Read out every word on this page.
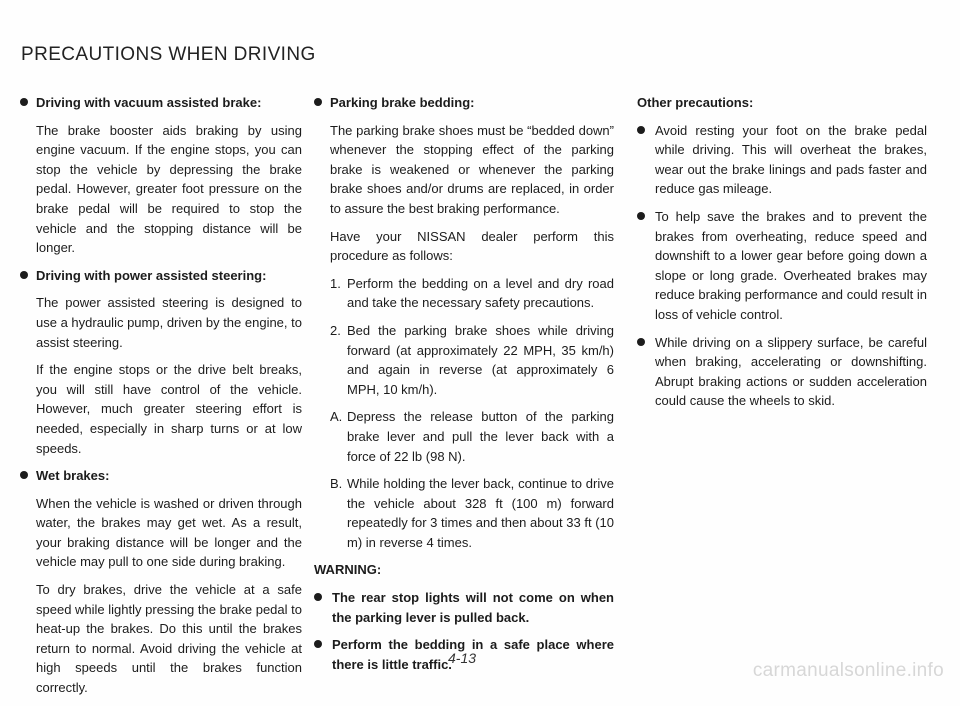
PRECAUTIONS WHEN DRIVING
Driving with vacuum assisted brake:
The brake booster aids braking by using engine vacuum. If the engine stops, you can stop the vehicle by depressing the brake pedal. However, greater foot pressure on the brake pedal will be required to stop the vehicle and the stopping distance will be longer.
Driving with power assisted steering:
The power assisted steering is designed to use a hydraulic pump, driven by the engine, to assist steering.
If the engine stops or the drive belt breaks, you will still have control of the vehicle. However, much greater steering effort is needed, especially in sharp turns or at low speeds.
Wet brakes:
When the vehicle is washed or driven through water, the brakes may get wet. As a result, your braking distance will be longer and the vehicle may pull to one side during braking.
To dry brakes, drive the vehicle at a safe speed while lightly pressing the brake pedal to heat-up the brakes. Do this until the brakes return to normal. Avoid driving the vehicle at high speeds until the brakes function correctly.
Parking brake bedding:
The parking brake shoes must be “bedded down” whenever the stopping effect of the parking brake is weakened or whenever the parking brake shoes and/or drums are replaced, in order to assure the best braking performance.
Have your NISSAN dealer perform this procedure as follows:
1. Perform the bedding on a level and dry road and take the necessary safety precautions.
2. Bed the parking brake shoes while driving forward (at approximately 22 MPH, 35 km/h) and again in reverse (at approximately 6 MPH, 10 km/h).
A. Depress the release button of the parking brake lever and pull the lever back with a force of 22 lb (98 N).
B. While holding the lever back, continue to drive the vehicle about 328 ft (100 m) forward repeatedly for 3 times and then about 33 ft (10 m) in reverse 4 times.
WARNING:
The rear stop lights will not come on when the parking lever is pulled back.
Perform the bedding in a safe place where there is little traffic.
Other precautions:
Avoid resting your foot on the brake pedal while driving. This will overheat the brakes, wear out the brake linings and pads faster and reduce gas mileage.
To help save the brakes and to prevent the brakes from overheating, reduce speed and downshift to a lower gear before going down a slope or long grade. Overheated brakes may reduce braking performance and could result in loss of vehicle control.
While driving on a slippery surface, be careful when braking, accelerating or downshifting. Abrupt braking actions or sudden acceleration could cause the wheels to skid.
4-13
carmanualsonline.info
